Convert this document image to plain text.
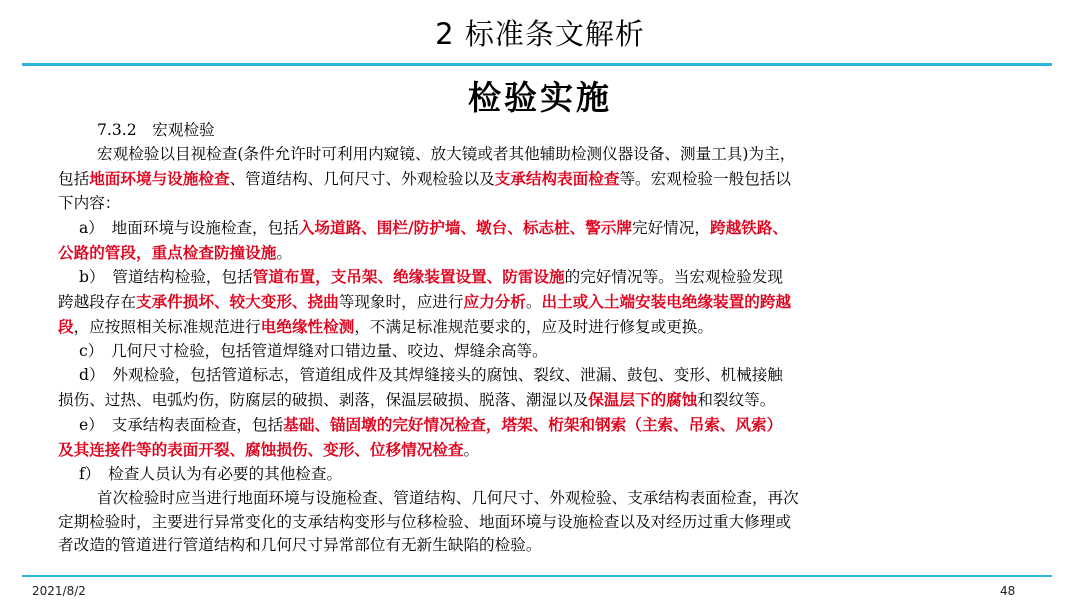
2 标准条文解析
检验实施

7.3.2　宏观检验

宏观检验以目视检查(条件允许时可利用内窥镜、放大镜或者其他辅助检测仪器设备、测量工具)为主，

包括地面环境与设施检查、管道结构、几何尺寸、外观检验以及支承结构表面检查等。宏观检验一般包括以

下内容：

a）　地面环境与设施检查，包括入场道路、围栏/防护墙、墩台、标志桩、警示牌完好情况，跨越铁路、

公路的管段，重点检查防撞设施。

b）　管道结构检验，包括管道布置，支吊架、绝缘装置设置、防雷设施的完好情况等。当宏观检验发现

跨越段存在支承件损坏、较大变形、挠曲等现象时，应进行应力分析。出土或入土端安装电绝缘装置的跨越

段，应按照相关标准规范进行电绝缘性检测，不满足标准规范要求的，应及时进行修复或更换。

c）　几何尺寸检验，包括管道焊缝对口错边量、咬边、焊缝余高等。

d）　外观检验，包括管道标志，管道组成件及其焊缝接头的腐蚀、裂纹、泄漏、鼓包、变形、机械接触

损伤、过热、电弧灼伤，防腐层的破损、剥落，保温层破损、脱落、潮湿以及保温层下的腐蚀和裂纹等。

e）　支承结构表面检查，包括基础、锚固墩的完好情况检查，塔架、桁架和钢索（主索、吊索、风索）

及其连接件等的表面开裂、腐蚀损伤、变形、位移情况检查。

f）　检查人员认为有必要的其他检查。

首次检验时应当进行地面环境与设施检查、管道结构、几何尺寸、外观检验、支承结构表面检查，再次

定期检验时，主要进行异常变化的支承结构变形与位移检验、地面环境与设施检查以及对经历过重大修理或

者改造的管道进行管道结构和几何尺寸异常部位有无新生缺陷的检验。

2021/8/2	48
